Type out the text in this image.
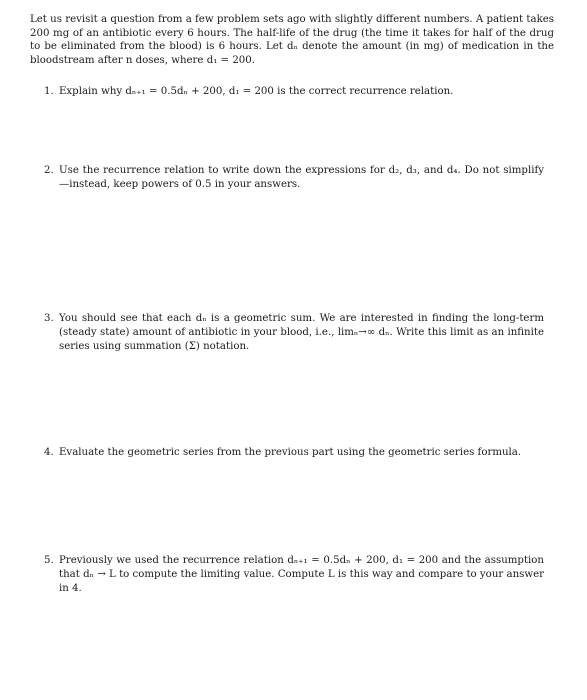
Let us revisit a question from a few problem sets ago with slightly different numbers. A patient takes 200 mg of an antibiotic every 6 hours. The half-life of the drug (the time it takes for half of the drug to be eliminated from the blood) is 6 hours. Let dₙ denote the amount (in mg) of medication in the bloodstream after n doses, where d₁ = 200.

1. Explain why dₙ₊₁ = 0.5dₙ + 200, d₁ = 200 is the correct recurrence relation.
2. Use the recurrence relation to write down the expressions for d₂, d₃, and d₄. Do not simplify—instead, keep powers of 0.5 in your answers.
3. You should see that each dₙ is a geometric sum. We are interested in finding the long-term (steady state) amount of antibiotic in your blood, i.e., limₙ→∞ dₙ. Write this limit as an infinite series using summation (Σ) notation.
4. Evaluate the geometric series from the previous part using the geometric series formula.
5. Previously we used the recurrence relation dₙ₊₁ = 0.5dₙ + 200, d₁ = 200 and the assumption that dₙ → L to compute the limiting value. Compute L is this way and compare to your answer in 4.
